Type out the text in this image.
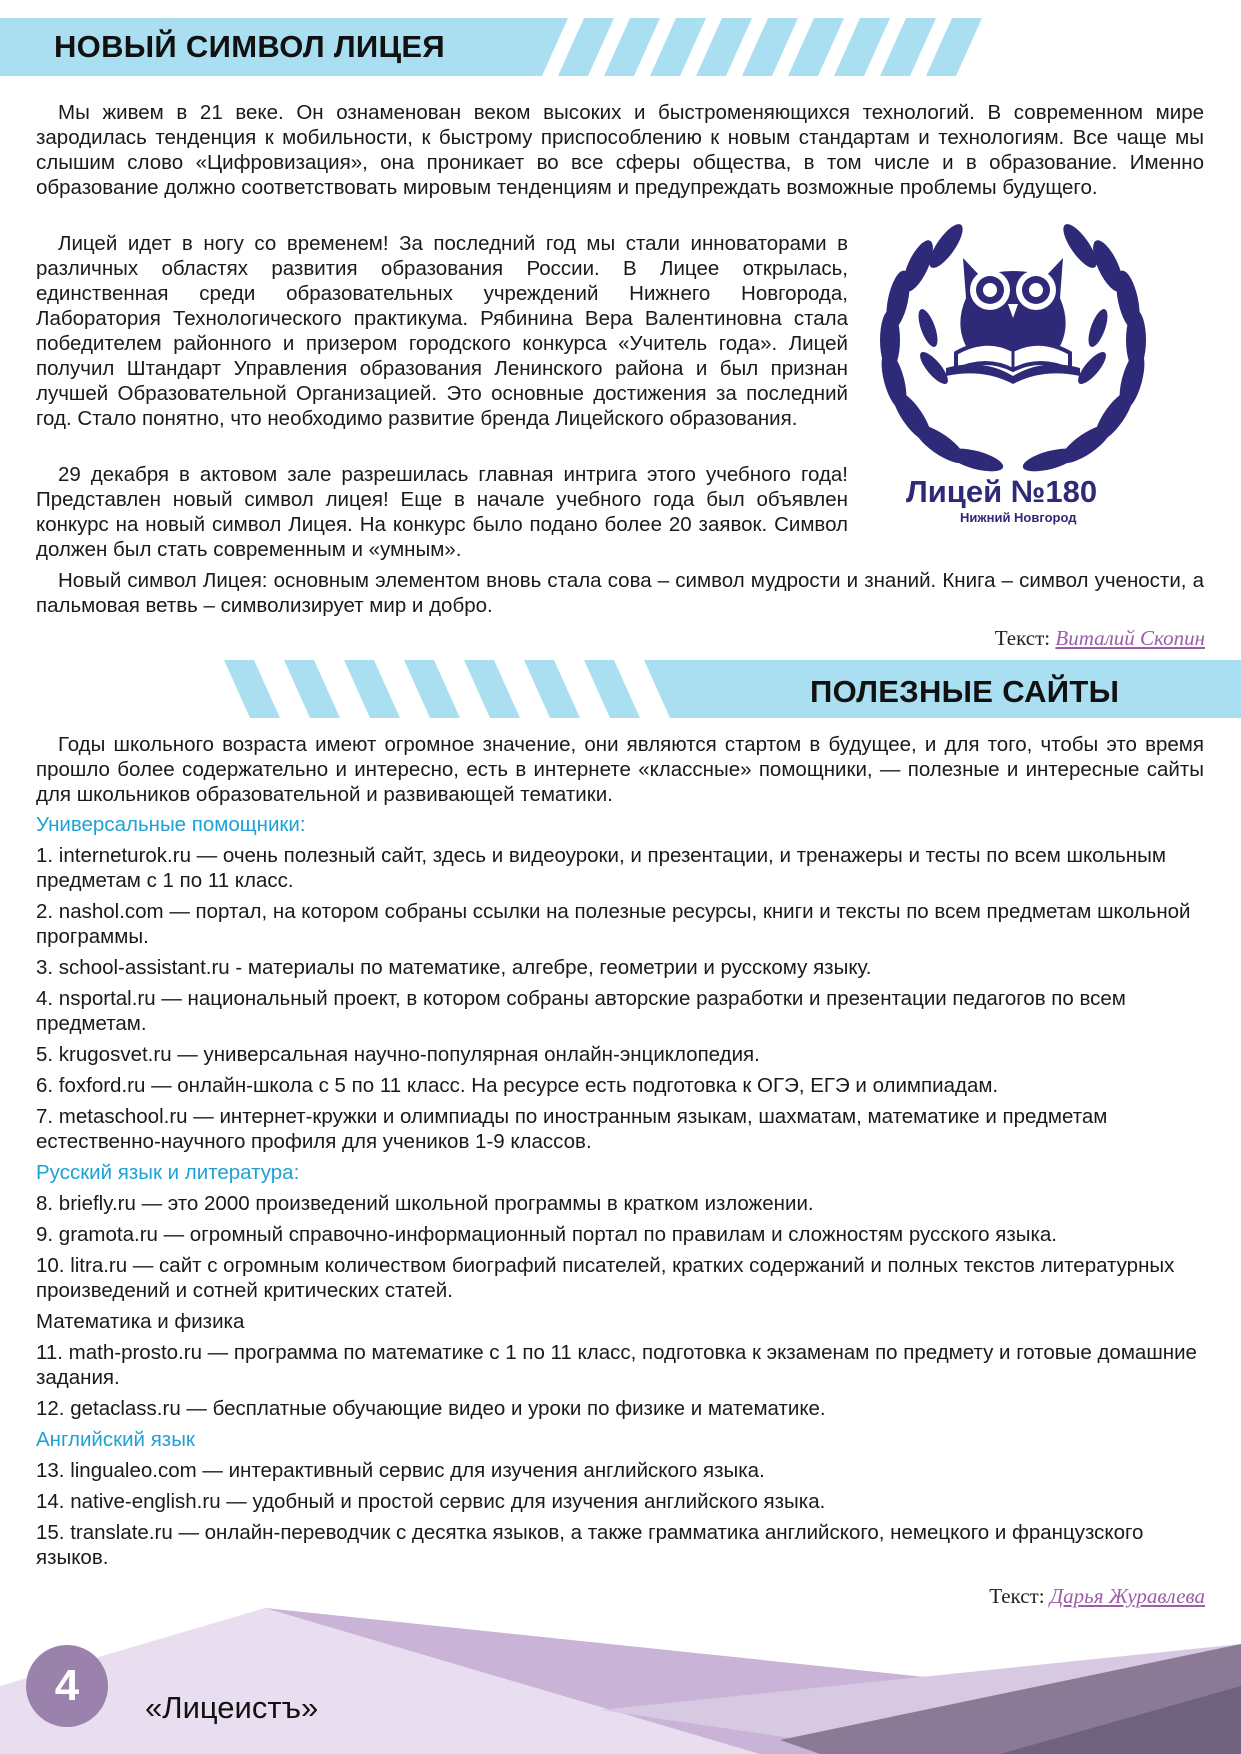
НОВЫЙ СИМВОЛ ЛИЦЕЯ

Мы живем в 21 веке. Он ознаменован веком высоких и быстроменяющихся технологий. В современном мире зародилась тенденция к мобильности, к быстрому приспособлению к новым стандартам и технологиям. Все чаще мы слышим слово «Цифровизация», она проникает во все сферы общества, в том числе и в образование. Именно образование должно соответствовать мировым тенденциям и предупреждать возможные проблемы будущего.

Лицей идет в ногу со временем! За последний год мы стали инноваторами в различных областях развития образования России. В Лицее открылась, единственная среди образовательных учреждений Нижнего Новгорода, Лаборатория Технологического практикума. Рябинина Вера Валентиновна стала победителем районного и призером городского конкурса «Учитель года». Лицей получил Штандарт Управления образования Ленинского района и был признан лучшей Образовательной Организацией. Это основные достижения за последний год. Стало понятно, что необходимо развитие бренда Лицейского образования.

29 декабря в актовом зале разрешилась главная интрига этого учебного года! Представлен новый символ лицея! Еще в начале учебного года был объявлен конкурс на новый символ Лицея. На конкурс было подано более 20 заявок. Символ должен был стать современным и «умным».

Новый символ Лицея: основным элементом вновь стала сова – символ мудрости и знаний. Книга – символ учености, а пальмовая ветвь – символизирует мир и добро.

Текст: Виталий Скопин
Лицей №180
Нижний Новгород
ПОЛЕЗНЫЕ САЙТЫ

Годы школьного возраста имеют огромное значение, они являются стартом в будущее, и для того, чтобы это время прошло более содержательно и интересно, есть в интернете «классные» помощники, — полезные и интересные сайты для школьников образовательной и развивающей тематики.

Универсальные помощники:
1. interneturok.ru — очень полезный сайт, здесь и видеоуроки, и презентации, и тренажеры и тесты по всем школьным предметам с 1 по 11 класс.
2. nashol.com — портал, на котором собраны ссылки на полезные ресурсы, книги и тексты по всем предметам школьной программы.
3. school-assistant.ru - материалы по математике, алгебре, геометрии и русскому языку.
4. nsportal.ru — национальный проект, в котором собраны авторские разработки и презентации педагогов по всем предметам.
5. krugosvet.ru — универсальная научно-популярная онлайн-энциклопедия.
6. foxford.ru — онлайн-школа с 5 по 11 класс. На ресурсе есть подготовка к ОГЭ, ЕГЭ и олимпиадам.
7. metaschool.ru — интернет-кружки и олимпиады по иностранным языкам, шахматам, математике и предметам естественно-научного профиля для учеников 1-9 классов.
Русский язык и литература:
8. briefly.ru — это 2000 произведений школьной программы в кратком изложении.
9. gramota.ru — огромный справочно-информационный портал по правилам и сложностям русского языка.
10. litra.ru — сайт с огромным количеством биографий писателей, кратких содержаний и полных текстов литературных произведений и сотней критических статей.
Математика и физика
11. math-prosto.ru — программа по математике с 1 по 11 класс, подготовка к экзаменам по предмету и готовые домашние задания.
12. getaclass.ru — бесплатные обучающие видео и уроки по физике и математике.
Английский язык
13. lingualeo.com — интерактивный сервис для изучения английского языка.
14. native-english.ru — удобный и простой сервис для изучения английского языка.
15. translate.ru — онлайн-переводчик с десятка языков, а также грамматика английского, немецкого и французского языков.
Текст: Дарья Журавлева
4	«Лицеистъ»
